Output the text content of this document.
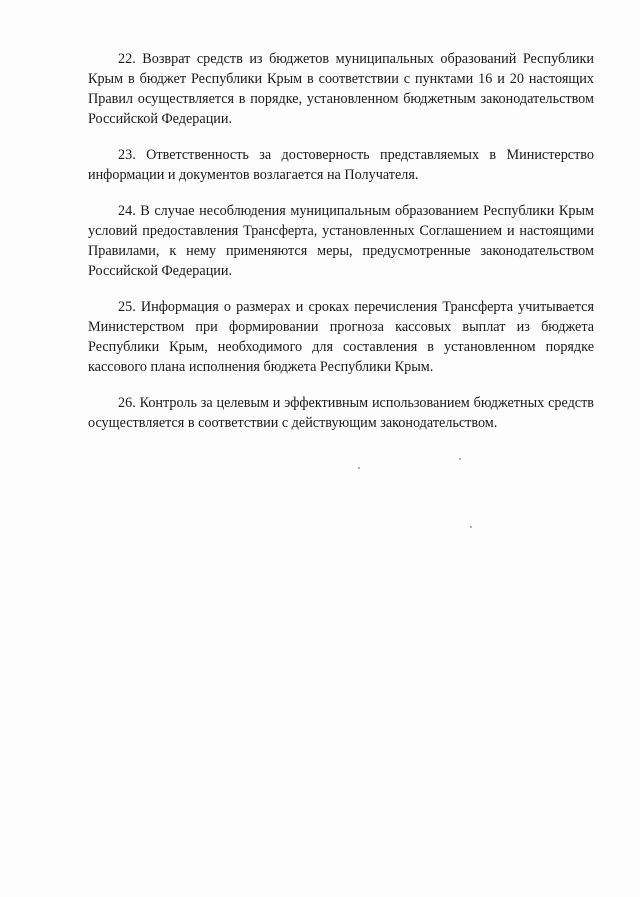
22. Возврат средств из бюджетов муниципальных образований Республики Крым в бюджет Республики Крым в соответствии с пунктами 16 и 20 настоящих Правил осуществляется в порядке, установленном бюджетным законодательством Российской Федерации.

23. Ответственность за достоверность представляемых в Министерство информации и документов возлагается на Получателя.

24. В случае несоблюдения муниципальным образованием Республики Крым условий предоставления Трансферта, установленных Соглашением и настоящими Правилами, к нему применяются меры, предусмотренные законодательством Российской Федерации.

25. Информация о размерах и сроках перечисления Трансферта учитывается Министерством при формировании прогноза кассовых выплат из бюджета Республики Крым, необходимого для составления в установленном порядке кассового плана исполнения бюджета Республики Крым.

26. Контроль за целевым и эффективным использованием бюджетных средств осуществляется в соответствии с действующим законодательством.
